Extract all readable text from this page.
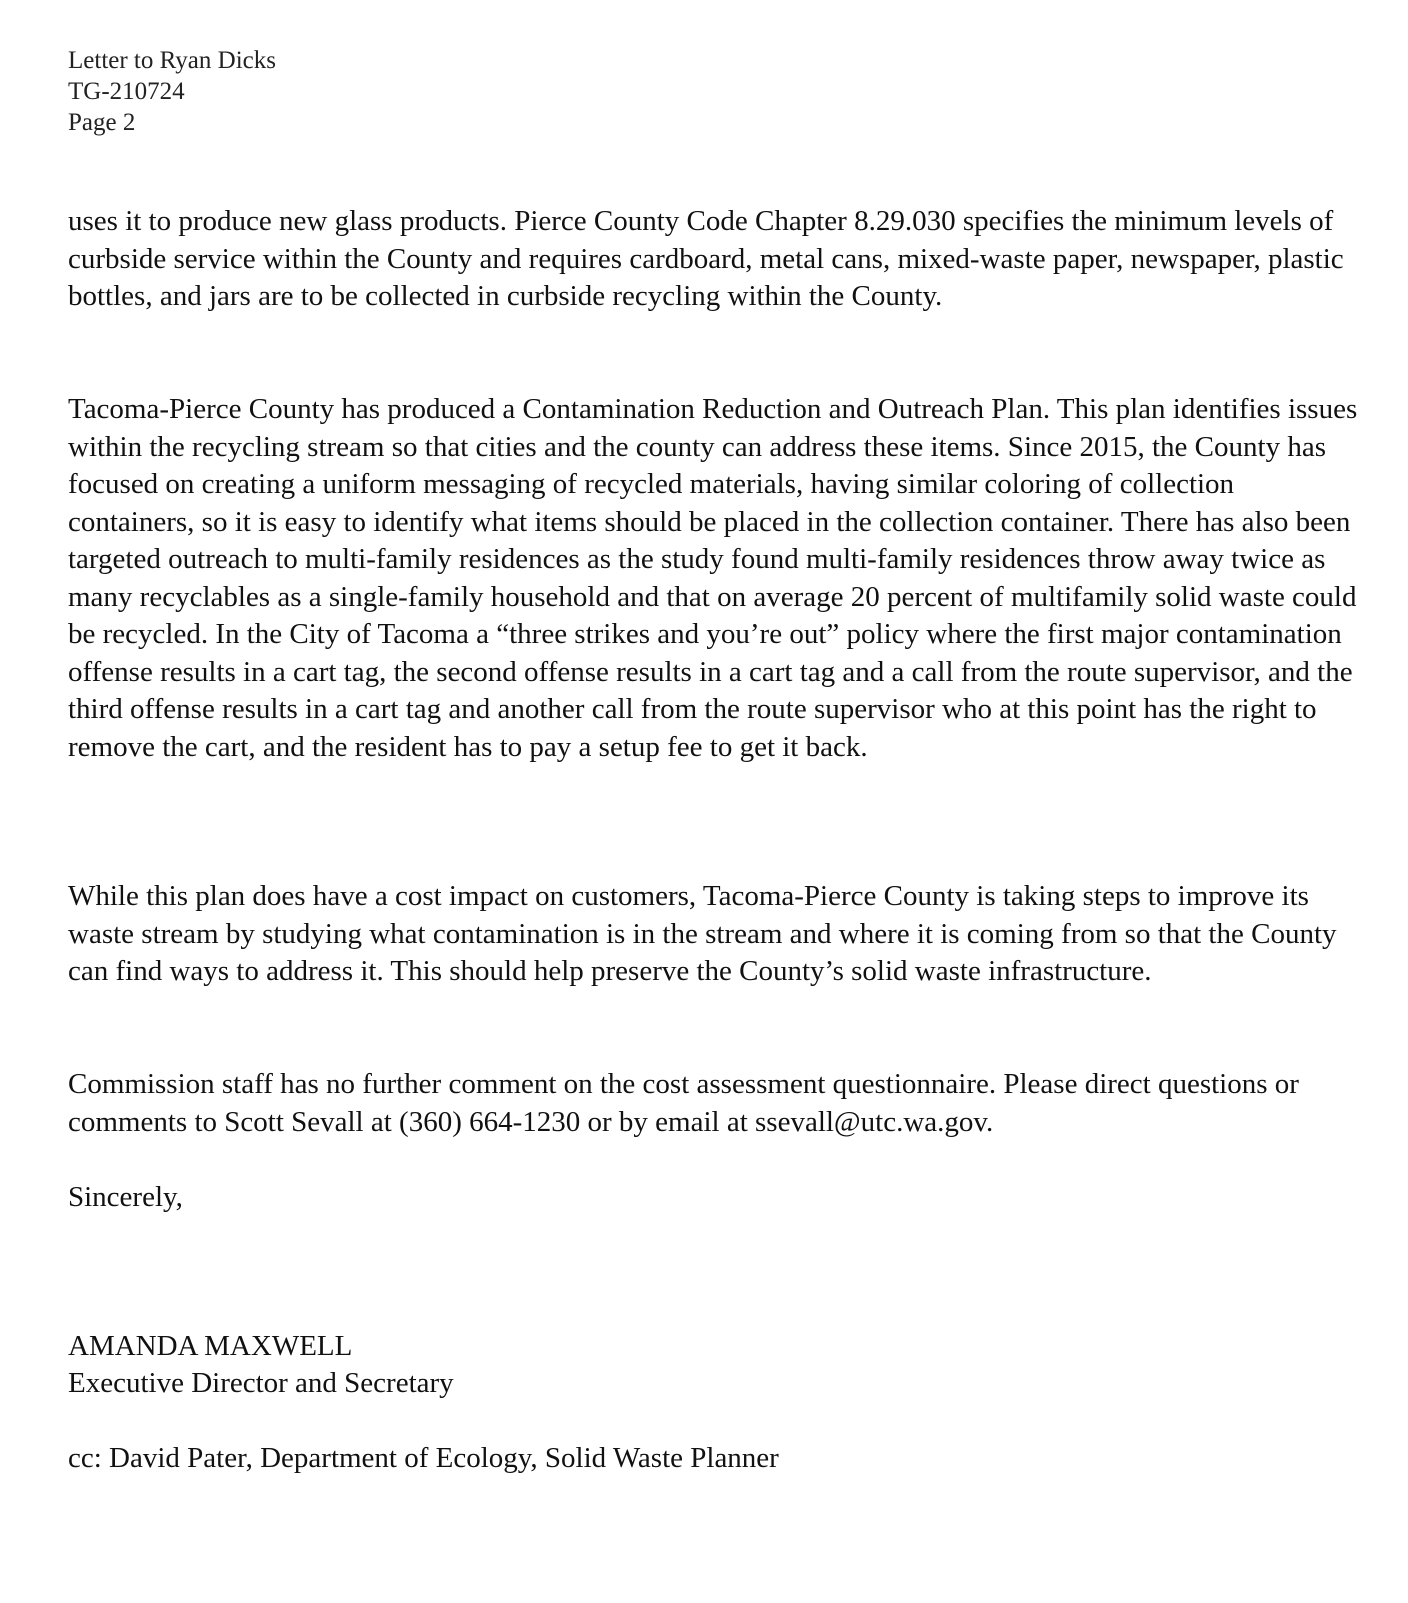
Letter to Ryan Dicks
TG-210724
Page 2

uses it to produce new glass products. Pierce County Code Chapter 8.29.030 specifies the minimum levels of curbside service within the County and requires cardboard, metal cans, mixed-waste paper, newspaper, plastic bottles, and jars are to be collected in curbside recycling within the County.

Tacoma-Pierce County has produced a Contamination Reduction and Outreach Plan. This plan identifies issues within the recycling stream so that cities and the county can address these items. Since 2015, the County has focused on creating a uniform messaging of recycled materials, having similar coloring of collection containers, so it is easy to identify what items should be placed in the collection container. There has also been targeted outreach to multi-family residences as the study found multi-family residences throw away twice as many recyclables as a single-family household and that on average 20 percent of multifamily solid waste could be recycled. In the City of Tacoma a “three strikes and you’re out” policy where the first major contamination offense results in a cart tag, the second offense results in a cart tag and a call from the route supervisor, and the third offense results in a cart tag and another call from the route supervisor who at this point has the right to remove the cart, and the resident has to pay a setup fee to get it back.

While this plan does have a cost impact on customers, Tacoma-Pierce County is taking steps to improve its waste stream by studying what contamination is in the stream and where it is coming from so that the County can find ways to address it. This should help preserve the County’s solid waste infrastructure.

Commission staff has no further comment on the cost assessment questionnaire. Please direct questions or comments to Scott Sevall at (360) 664-1230 or by email at ssevall@utc.wa.gov.

Sincerely,
AMANDA MAXWELL
Executive Director and Secretary
cc: David Pater, Department of Ecology, Solid Waste Planner
